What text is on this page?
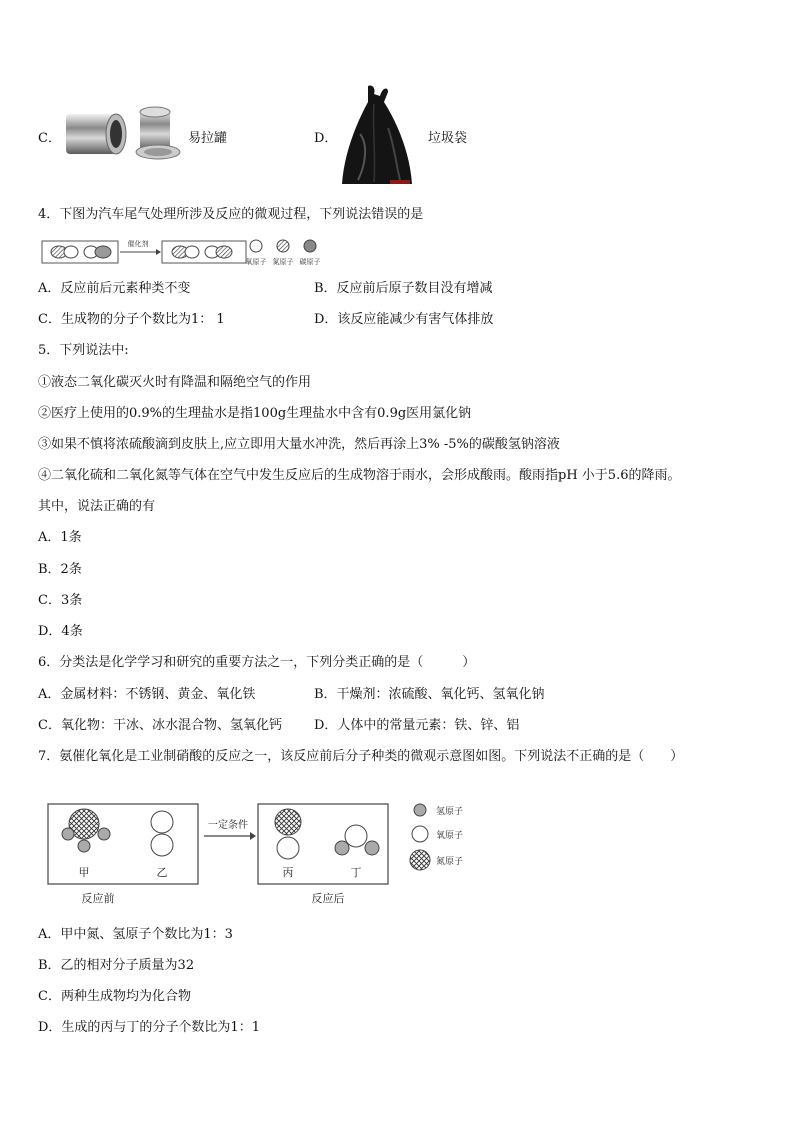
C．	易拉罐	D．	垃圾袋
4．下图为汽车尾气处理所涉及反应的微观过程，下列说法错误的是
催化剂
氧原子 氮原子 碳原子
A．反应前后元素种类不变	B．反应前后原子数目没有增减
C．生成物的分子个数比为1： 1	D．该反应能减少有害气体排放
5．下列说法中:
①液态二氧化碳灭火时有降温和隔绝空气的作用
②医疗上使用的0.9%的生理盐水是指100g生理盐水中含有0.9g医用氯化钠
③如果不慎将浓硫酸滴到皮肤上,应立即用大量水冲洗，然后再涂上3% -5%的碳酸氢钠溶液
④二氧化硫和二氧化氮等气体在空气中发生反应后的生成物溶于雨水，会形成酸雨。酸雨指pH 小于5.6的降雨。
其中，说法正确的有
A．1条
B．2条
C．3条
D．4条
6．分类法是化学学习和研究的重要方法之一，下列分类正确的是（　　　）
A．金属材料：不锈钢、黄金、氧化铁	B．干燥剂：浓硫酸、氧化钙、氢氧化钠
C．氧化物：干冰、冰水混合物、氢氧化钙 D．人体中的常量元素：铁、锌、铝
7．氨催化氧化是工业制硝酸的反应之一，该反应前后分子种类的微观示意图如图。下列说法不正确的是（　　）
甲	乙
反应前
一定条件
丙	丁
反应后
氢原子
氧原子
氮原子
A．甲中氮、氢原子个数比为1：3
B．乙的相对分子质量为32
C．两种生成物均为化合物
D．生成的丙与丁的分子个数比为1：1
